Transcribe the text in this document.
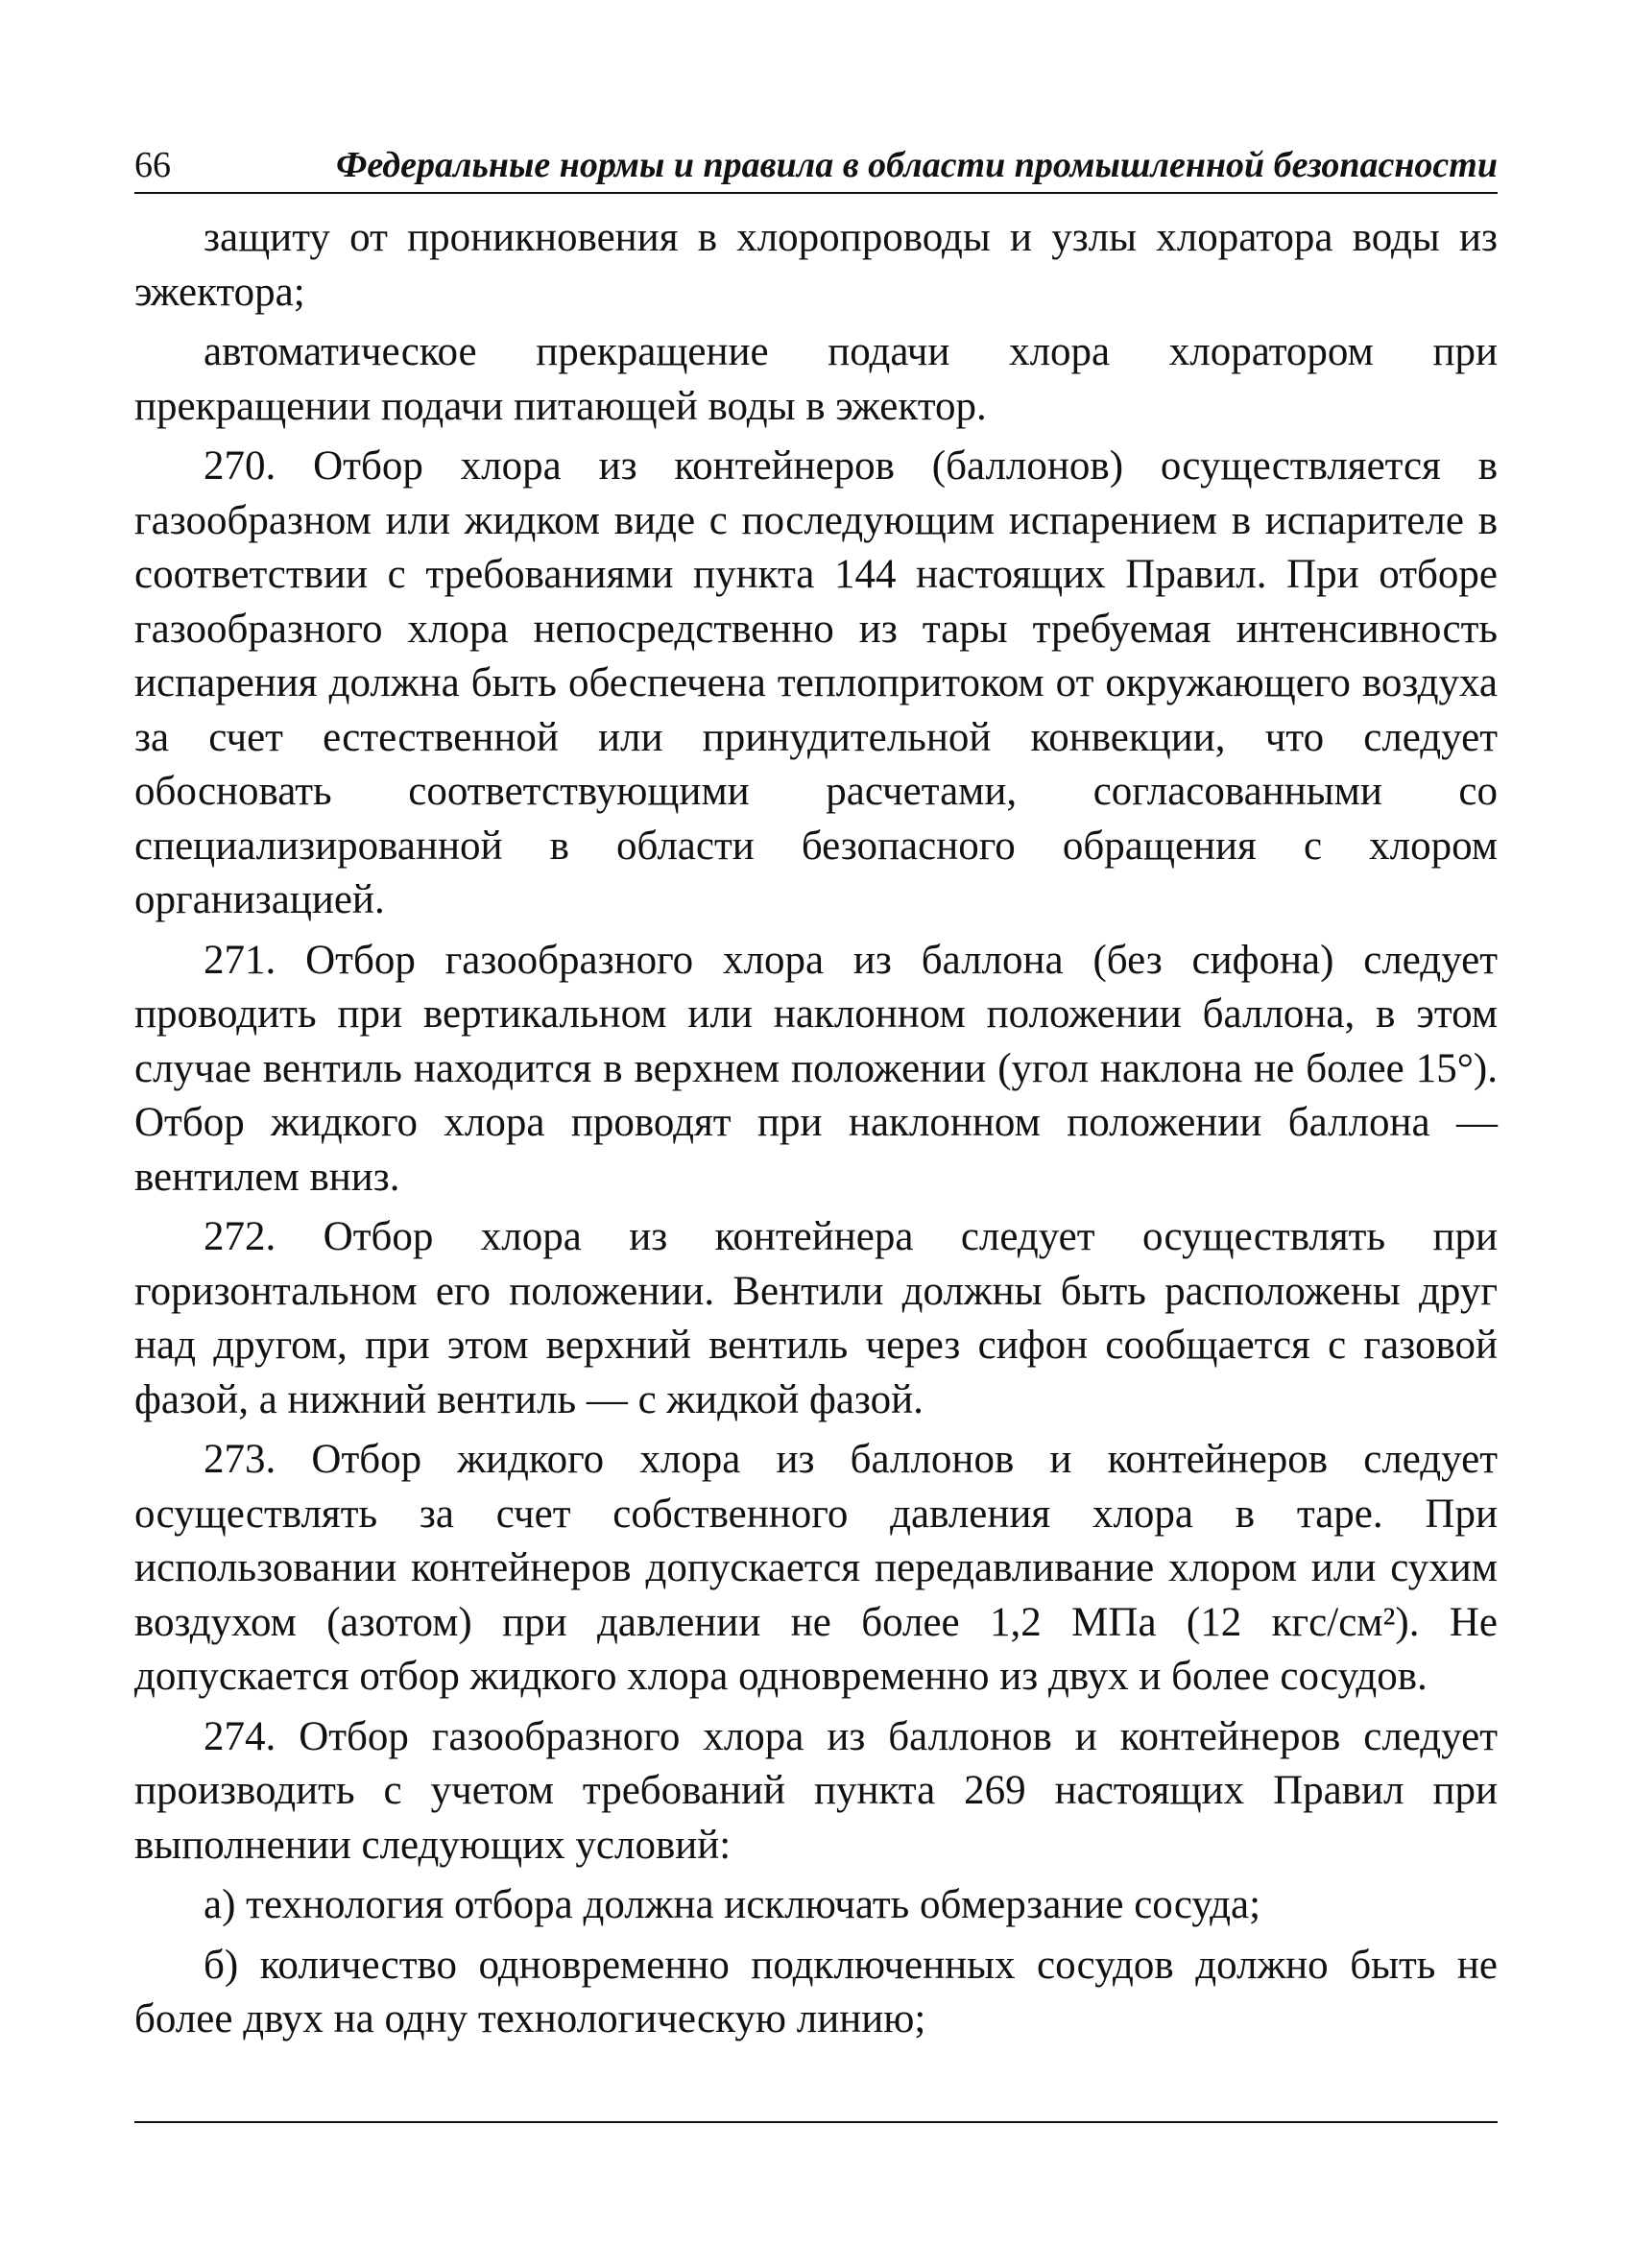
66	Федеральные нормы и правила в области промышленной безопасности

защиту от проникновения в хлоропроводы и узлы хлоратора воды из эжектора;

автоматическое прекращение подачи хлора хлоратором при прекращении подачи питающей воды в эжектор.

270. Отбор хлора из контейнеров (баллонов) осуществляется в газообразном или жидком виде с последующим испарением в испарителе в соответствии с требованиями пункта 144 настоящих Правил. При отборе газообразного хлора непосредственно из тары требуемая интенсивность испарения должна быть обеспечена теплопритоком от окружающего воздуха за счет естественной или принудительной конвекции, что следует обосновать соответствующими расчетами, согласованными со специализированной в области безопасного обращения с хлором организацией.

271. Отбор газообразного хлора из баллона (без сифона) следует проводить при вертикальном или наклонном положении баллона, в этом случае вентиль находится в верхнем положении (угол наклона не более 15°). Отбор жидкого хлора проводят при наклонном положении баллона — вентилем вниз.

272. Отбор хлора из контейнера следует осуществлять при горизонтальном его положении. Вентили должны быть расположены друг над другом, при этом верхний вентиль через сифон сообщается с газовой фазой, а нижний вентиль — с жидкой фазой.

273. Отбор жидкого хлора из баллонов и контейнеров следует осуществлять за счет собственного давления хлора в таре. При использовании контейнеров допускается передавливание хлором или сухим воздухом (азотом) при давлении не более 1,2 МПа (12 кгс/см²). Не допускается отбор жидкого хлора одновременно из двух и более сосудов.

274. Отбор газообразного хлора из баллонов и контейнеров следует производить с учетом требований пункта 269 настоящих Правил при выполнении следующих условий:

а) технология отбора должна исключать обмерзание сосуда;

б) количество одновременно подключенных сосудов должно быть не более двух на одну технологическую линию;
